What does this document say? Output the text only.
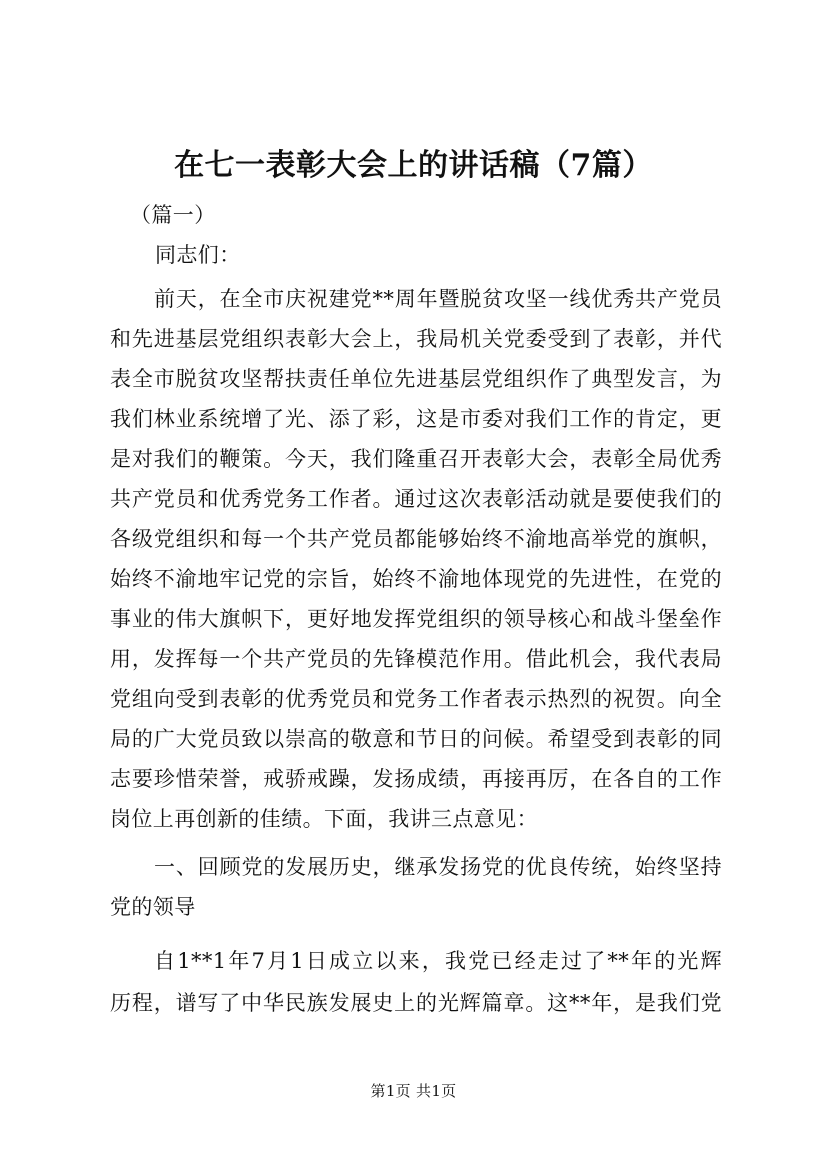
在七一表彰大会上的讲话稿（7篇）
（篇一）
同志们：
前天，在全市庆祝建党**周年暨脱贫攻坚一线优秀共产党员
和先进基层党组织表彰大会上，我局机关党委受到了表彰，并代
表全市脱贫攻坚帮扶责任单位先进基层党组织作了典型发言，为
我们林业系统增了光、添了彩，这是市委对我们工作的肯定，更
是对我们的鞭策。今天，我们隆重召开表彰大会，表彰全局优秀
共产党员和优秀党务工作者。通过这次表彰活动就是要使我们的
各级党组织和每一个共产党员都能够始终不渝地高举党的旗帜，
始终不渝地牢记党的宗旨，始终不渝地体现党的先进性，在党的
事业的伟大旗帜下，更好地发挥党组织的领导核心和战斗堡垒作
用，发挥每一个共产党员的先锋模范作用。借此机会，我代表局
党组向受到表彰的优秀党员和党务工作者表示热烈的祝贺。向全
局的广大党员致以崇高的敬意和节日的问候。希望受到表彰的同
志要珍惜荣誉，戒骄戒躁，发扬成绩，再接再厉，在各自的工作
岗位上再创新的佳绩。下面，我讲三点意见：
一、回顾党的发展历史，继承发扬党的优良传统，始终坚持
党的领导
自1**1年7月1日成立以来，我党已经走过了**年的光辉
历程，谱写了中华民族发展史上的光辉篇章。这**年，是我们党
第1页 共1页
